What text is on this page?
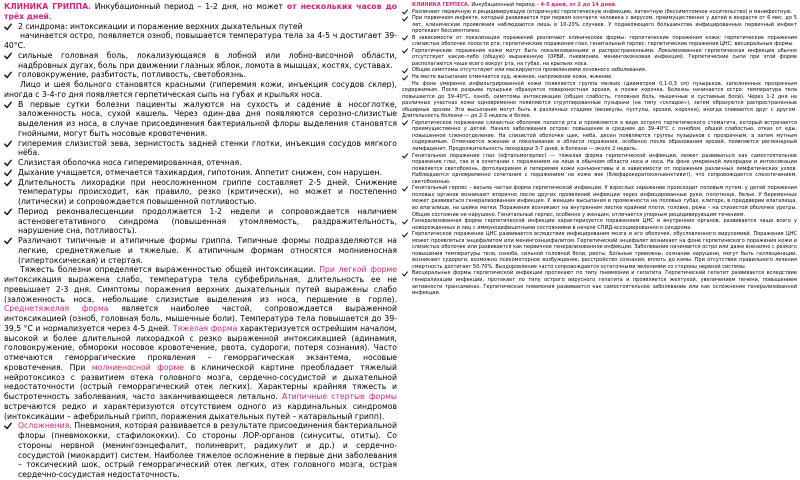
КЛИНИКА ГРИППА. Инкубационный период – 1-2 дня, но может от нескольких часов до трёх дней.

2 синдрома: интоксикации и поражение верхних дыхательных путей

начинается остро, появляется озноб, повышается температура тела за 4-5 ч достигает 39-40°С.

сильные головная боль, локализующаяся в лобной или лобно-височной области, надбровных дугах, боль при движении глазных яблок, ломота в мышцах, костях, суставах.

головокружение, разбитость, потливость, светобоязнь.

Лицо и шея больного становятся красными (гиперемия кожи, инъекция сосудов склер), иногда с 3-4-го дня появляется герпетическая сыпь на губах и крыльях носа.

В первые сутки болезни пациенты жалуются на сухость и садение в носоглотке, заложенность носа, сухой кашель. Через один-два дня появляются серозно-слизистые выделения из носа, в случае присоединения бактериальной флоры выделения становятся гнойными, могут быть носовые кровотечения.

гиперемия слизистой зева, зернистость задней стенки глотки, инъекция сосудов мягкого нёба.

Слизистая оболочка носа гиперемированная, отечная.

Дыхание учащается, отмечается тахикардия, гипотония. Аппетит снижен, сон нарушен.

Длительность лихорадки при неосложненном гриппе составляет 2-5 дней. Снижение температуры происходит, как правило, резко (критически), но может и постепенно (литически) и сопровождается повышенной потливостью.

Период реконвалесценции продолжается 1-2 недели и сопровождается наличием астеновегетативного синдрома (повышенная утомляемость, раздражительность, нарушение сна, потливость).

Различают типичные и атипичные формы гриппа. Типичные формы подразделяются на легкие, среднетяжелые и тяжелые. К атипичным формам относятся молниеносная (гипертоксическая) и стертая.

Тяжесть болезни определяется выраженностью общей интоксикации. При легкой форме интоксикация выражена слабо, температура тела субфебрильная, длительность ее не превышает 2-3 дня. Симптомы поражения верхних дыхательных путей выражены слабо (заложенность носа, небольшие слизистые выделения из носа, першение в горле). Среднетяжелая форма является наиболее частой, сопровождается выраженной интоксикацией (озноб, головная боль, мышечные боли). Температура тела повышается до 39-39,5 °С и нормализуется через 4-5 дней. Тяжелая форма характеризуется острейшим началом, высокой и более длительной лихорадкой с резко выраженной интоксикацией (адинамия, головокружение, обмороки носовое кровотечение, рвота, судороги, потеря сознания). Часто отмечаются геморрагические проявления – геморрагическая экзантема, носовые кровотечения. При молниеносной форме в клинической картине преобладает тяжелый нейротоксикоз с развитием отека головного мозга, сердечно-сосудистой и дыхательной недостаточности (острый геморрагический отек легких). Характерны крайняя тяжесть и быстротечность заболевания, часто заканчивающееся летально. Атипичные стертые формы встречаются редко и характеризуются отсутствием одного из кардинальных синдромов (интоксикации – афебрильный грипп, поражения дыхательных путей – катаральный грипп).

Осложнения. Пневмония, которая развивается в результате присоединения бактериальной флоры (пневмококки, стафилококки). Со стороны ЛОР-органов (синуситы, отиты). Со стороны нервной (менингоэнцефалит, полиневрит, радикулит и др.) и сердечно-сосудистой (миокардит) систем. Наиболее тяжелое осложнение в первые дни заболевания – токсический шок, острый геморрагический отек легких, отек головного мозга, острая сердечно-сосудистая недостаточность.

КЛИНИКА ГЕРПЕСА. Инкубационный период – 4-5 дней, от 2 до 14 дней.

Различают первичную и рецидивирующую (вторичную) герпетическую инфекцию, латентную (бессимптомное носительство) и манифестную.

При первичном инфекте, который развивается при первом контакте человека с вирусом, преимущественно у детей в возрасте от 6 мес. до 5 лет, клинические проявления наблюдаются лишь в 10-20% случаев. У подавляющего большинства инфицированных первичный инфект протекает бессимптомно.

В зависимости от локализации поражений различают клинические формы: герпетические поражения кожи; герпетические поражения слизистых оболочек полости рта; герпетические поражения глаз; генитальный герпес; герпетические поражения ЦНС; висцеральные формы.

Герпетические поражения кожи могут быть локализованными и распространенными. Локализованная герпетическая инфекция обычно отсутствует какую-либо (общую) выраженную (ОРВИ, пневмония, менингококковая инфекция). Герпетические сыпи при этой форме располагаются чаще всего вокруг рта, на губах, на крыльях носа.

Общие симптомы отсутствуют или маскируются проявлениями основного заболевания.

На месте высыпания отмечается зуд, жжение, напряжение кожи, жжение.

На фоне умеренно инфильтрированной кожи появляется группа мелких (диаметром 0,1-0,3 см) пузырьков, заполненных прозрачным содержимым. После разрыва пузырьки образуется поверхностная эрозия, а позже корочка. Болезнь начинается остро: температура тела повышается до 39–40°С, озноб, симптомы интоксикации (общая слабость, головная боль, мышечные и суставные боли). Через 1-2 дня на различных участках кожи одновременно появляются сгруппированные пузырьки (на типу «складок»), затем образуются распространенные обширные эрозии. Эти высыпания могут быть в различных стадиях (везикулы, пустулы, эрозии, корочки), иногда сливаются друг с другом. Длительность болезни — до 2-3 недель и более.

Герпетическое поражение слизистых оболочек полости рта и проявляется в виде острого герпетического стоматита, который встречается преимущественно у детей. Начало заболевания острое: повышение в среднем до 39–40°С с ознобом, общей слабостью, отказ от еды, повышенное слюноотделение. На слизистой оболочке щек, неба, десен появляются группы пузырьков с прозрачным, а затем мутным содержимым. Отмечаются жжение и покалывание в области поражения, особенно после образования эрозий, появляется регионарный лимфаденит. Продолжительность лихорадки 3-7 дней, в болезни — около 2 недель.

Генитальное поражение глаз (офтальмогерпес) — тяжелая форма герпетической инфекции, может развиваться как самостоятельное поражение глаз, так и в сочетании с поражением на лице в обычном области носа и носа. На фоне умеренной лихорадки и интоксикации появляется светобоязнь, фотолакримия и гиперемия кожи конъюнктивы и в зависимости от поражения различных лимфатических узлов. Наблюдаются одновременно сочетания с поражением на коже век (блефарокератоконъюнктивит), что сопровождается слезотечением, светобоязнью.

Генитальный герпес – весьма частая форма герпетической инфекции. У взрослых заражение происходит половым путем, у детей поражения половых органов возникают вторично после других проявлений инфекции через инфицированные руки, полотенце, белье. У беременных может развиваться генерализованная инфекция. У женщин высыпания в промежности на половых губах, клиторе, в преддверии влагалища, во влагалище, на шейке матки. Поражения возникают на внутреннем листке крайней плоти, головке, реже – на слизистой оболочке уретры. Общие состояние не нарушено. Генитальный герпес, особенно у женщин, отличается упорным рецидивирующим течением.

Генерализованная форма герпетической инфекции характеризуется поражением ЦНС и внутренних органов, развивается чаще всего у новорожденных и лиц с иммунодефицитными состояниями в начале СПИД-ассоциированного синдрома.

Герпетическое поражение ЦНС развивается вследствие инфицирования мозга и его оболочек, обусловленного вирусемией. Поражение ЦНС может проявляться энцефалитом или менингоэнцефалитом. Герпетический энцефалит возникает на фоне герпетического поражения кожи и слизистых оболочек или развивается как первичное генерализованное инфекции. Заболевание начинается остро или даже внезапно с резкого повышения температуры тела, озноба, сильной головной боли, рвоты. Больные тревожны, сознание нарушено, могут быть галлюцинации, возникают судороги, возможно психомоторное возбуждение, расстройство сознания, вплоть до комы. При отсутствии правильного лечения смертность достигает 50-70%. Выздоровление часто сопровождается остаточными явлениями со стороны нервной системы.

Висцеральные формы герпетической инфекции протекают по типу пневмонии и гепатита. Герпетический гепатит развивается вследствие генерализации инфекции, протекает по типу острого вирусного гепатита и проявляется желтухой, увеличением печени, повышением активности трансаминаз. Герпетическая пневмония развивается как самостоятельное заболевание или как осложнение генерализованной инфекции.
